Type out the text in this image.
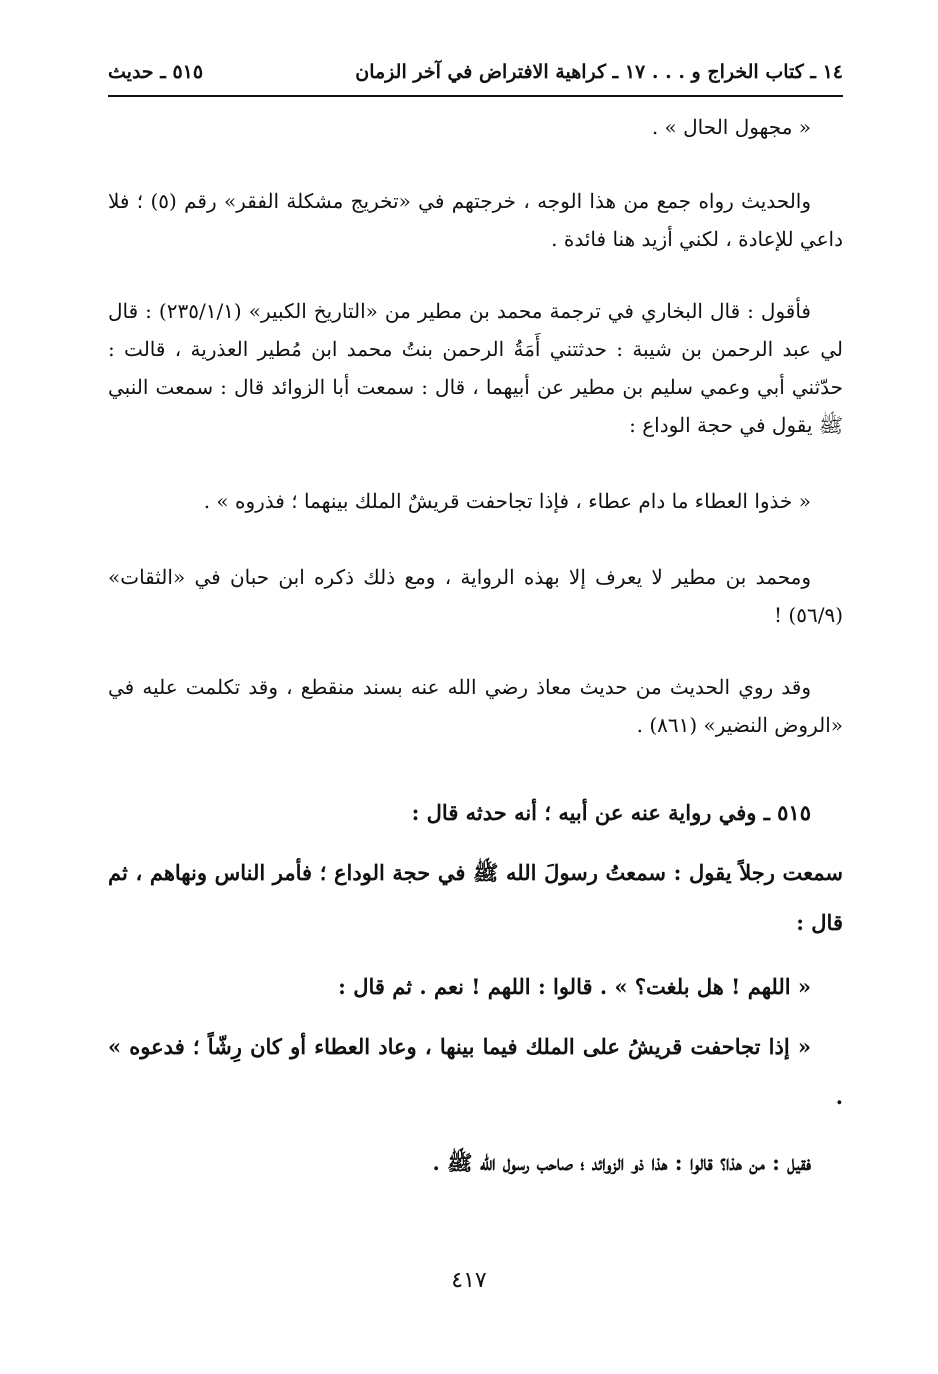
١٤ ـ كتاب الخراج و . . . ١٧ ـ كراهية الافتراض في آخر الزمان
٥١٥ ـ حديث

« مجهول الحال » .

والحديث رواه جمع من هذا الوجه ، خرجتهم في «تخريج مشكلة الفقر» رقم (٥) ؛ فلا داعي للإعادة ، لكني أزيد هنا فائدة .

فأقول : قال البخاري في ترجمة محمد بن مطير من «التاريخ الكبير» (٢٣٥/١/١) : قال لي عبد الرحمن بن شيبة : حدثتني أَمَةُ الرحمن بنتُ محمد ابن مُطير العذرية ، قالت : حدّثني أبي وعمي سليم بن مطير عن أبيهما ، قال : سمعت أبا الزوائد قال : سمعت النبي ﷺ يقول في حجة الوداع :

« خذوا العطاء ما دام عطاء ، فإذا تجاحفت قريشٌ الملك بينهما ؛ فذروه » .

ومحمد بن مطير لا يعرف إلا بهذه الرواية ، ومع ذلك ذكره ابن حبان في «الثقات» (٥٦/٩) !

وقد روي الحديث من حديث معاذ رضي الله عنه بسند منقطع ، وقد تكلمت عليه في «الروض النضير» (٨٦١) .

٥١٥ ـ وفي رواية عنه عن أبيه ؛ أنه حدثه قال :

سمعت رجلاً يقول : سمعتُ رسولَ الله ﷺ في حجة الوداع ؛ فأمر الناس ونهاهم ، ثم قال :

« اللهم ! هل بلغت؟ » . قالوا : اللهم ! نعم . ثم قال :

« إذا تجاحفت قريشُ على الملك فيما بينها ، وعاد العطاء أو كان رِشّاً ؛ فدعوه » .

فقيل : من هذا؟ قالوا : هذا ذو الزوائد ؛ صاحب رسول الله ﷺ .

٤١٧
